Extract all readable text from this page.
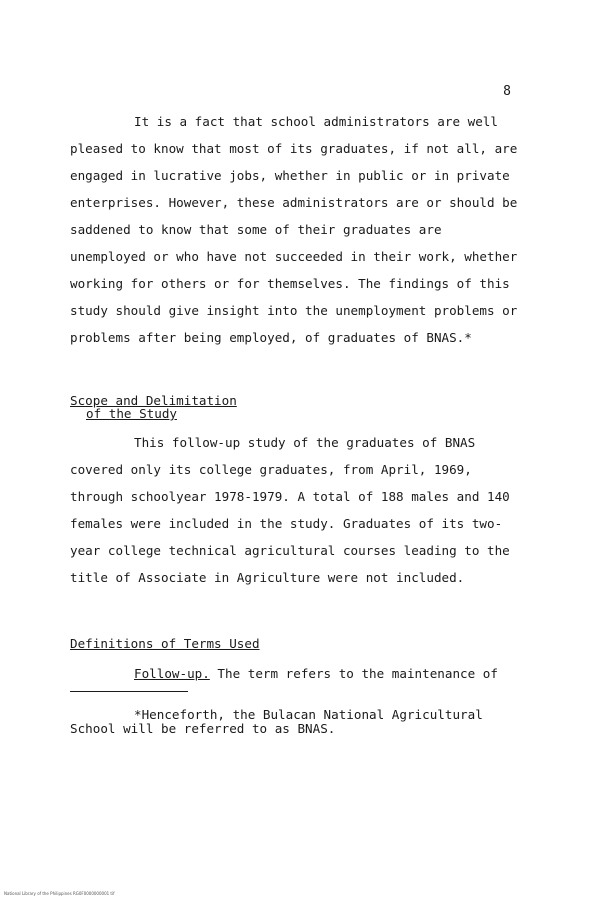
8

It is a fact that school administrators are well pleased to know that most of its graduates, if not all, are engaged in lucrative jobs, whether in public or in private enterprises. However, these administrators are or should be saddened to know that some of their graduates are unemployed or who have not succeeded in their work, whether working for others or for themselves. The findings of this study should give insight into the unemployment problems or problems after being employed, of graduates of BNAS.*

Scope and Delimitation
of the Study

This follow-up study of the graduates of BNAS covered only its college graduates, from April, 1969, through schoolyear 1978-1979. A total of 188 males and 140 females were included in the study. Graduates of its two-year college technical agricultural courses leading to the title of Associate in Agriculture were not included.

Definitions of Terms Used

Follow-up. The term refers to the maintenance of

*Henceforth, the Bulacan National Agricultural School will be referred to as BNAS.

National Library of the Philippines RG0F0000000001 tif
